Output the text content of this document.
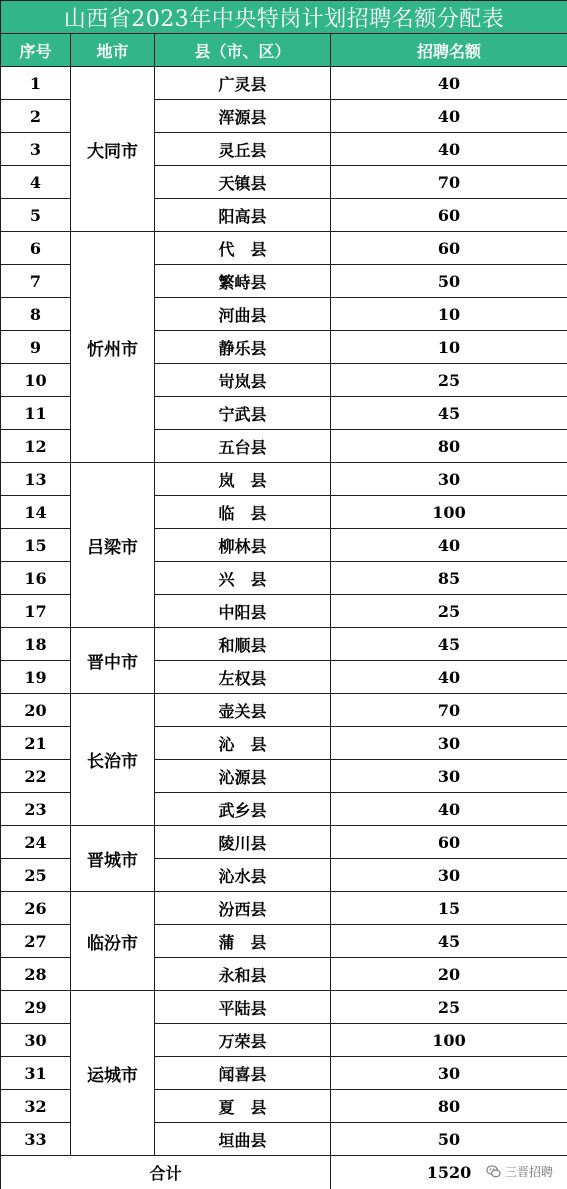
山西省2023年中央特岗计划招聘名额分配表			
序号	地市	县（市、区）	招聘名额
1	大同市	广灵县	40
2		浑源县	40
3		灵丘县	40
4		天镇县	70
5		阳高县	60
6	忻州市	代　县	60
7		繁峙县	50
8		河曲县	10
9		静乐县	10
10		岢岚县	25
11		宁武县	45
12		五台县	80
13	吕梁市	岚　县	30
14		临　县	100
15		柳林县	40
16		兴　县	85
17		中阳县	25
18	晋中市	和顺县	45
19		左权县	40
20	长治市	壶关县	70
21		沁　县	30
22		沁源县	30
23		武乡县	40
24	晋城市	陵川县	60
25		沁水县	30
26	临汾市	汾西县	15
27		蒲　县	45
28		永和县	20
29	运城市	平陆县	25
30		万荣县	100
31		闻喜县	30
32		夏　县	80
33		垣曲县	50
合计			1520	三晋招聘
